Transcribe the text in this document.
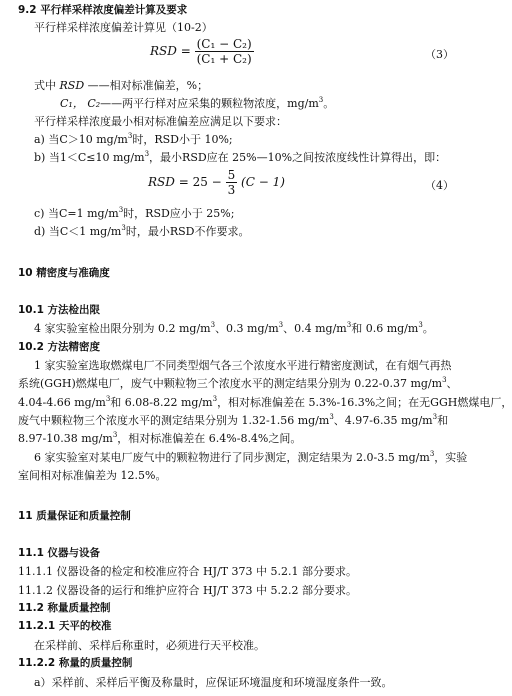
9.2 平行样采样浓度偏差计算及要求
平行样采样浓度偏差计算见（10-2）
RSD = $\frac{\text{(C₁ − C₂)}}{\text{(C₁ + C₂)}}$	（3）
式中 RSD ——相对标准偏差，%；
C₁， C₂——两平行样对应采集的颗粒物浓度，$mg/m^3$。
平行样采样浓度最小相对标准偏差应满足以下要求：
a) 当C＞10 $mg/m^3$时，RSD小于 10%;
b) 当1＜C≤10 $mg/m^3$，最小RSD应在 25%—10%之间按浓度线性计算得出，即：
RSD = $25 - \frac{5}{3} (C - 1)$	（4）
c) 当C=1 $mg/m^3$时，RSD应小于 25%;
d) 当C＜1 $mg/m^3$时，最小RSD不作要求。
10 精密度与准确度
10.1 方法检出限
4 家实验室检出限分别为 0.2 $mg/m^3$、0.3 $mg/m^3$、0.4 $mg/m^3$和 0.6 $mg/m^3$。
10.2 方法精密度
1 家实验室选取燃煤电厂不同类型烟气各三个浓度水平进行精密度测试，在有烟气再热
系统(GGH)燃煤电厂，废气中颗粒物三个浓度水平的测定结果分别为 0.22-0.37 $mg/m^3$、
4.04-4.66 $mg/m^3$和 6.08-8.22 $mg/m^3$，相对标准偏差在 5.3%-16.3%之间；在无GGH燃煤电厂，
废气中颗粒物三个浓度水平的测定结果分别为 1.32-1.56 $mg/m^3$、4.97-6.35 $mg/m^3$和
8.97-10.38 $mg/m^3$，相对标准偏差在 6.4%-8.4%之间。
6 家实验室对某电厂废气中的颗粒物进行了同步测定，测定结果为 2.0-3.5 $mg/m^3$，实验
室间相对标准偏差为 12.5%。
11 质量保证和质量控制
11.1 仪器与设备
11.1.1 仪器设备的检定和校准应符合 HJ/T 373 中 5.2.1 部分要求。
11.1.2 仪器设备的运行和维护应符合 HJ/T 373 中 5.2.2 部分要求。
11.2 称量质量控制
11.2.1 天平的校准
在采样前、采样后称重时，必须进行天平校准。
11.2.2 称量的质量控制
a）采样前、采样后平衡及称量时，应保证环境温度和环境湿度条件一致。
